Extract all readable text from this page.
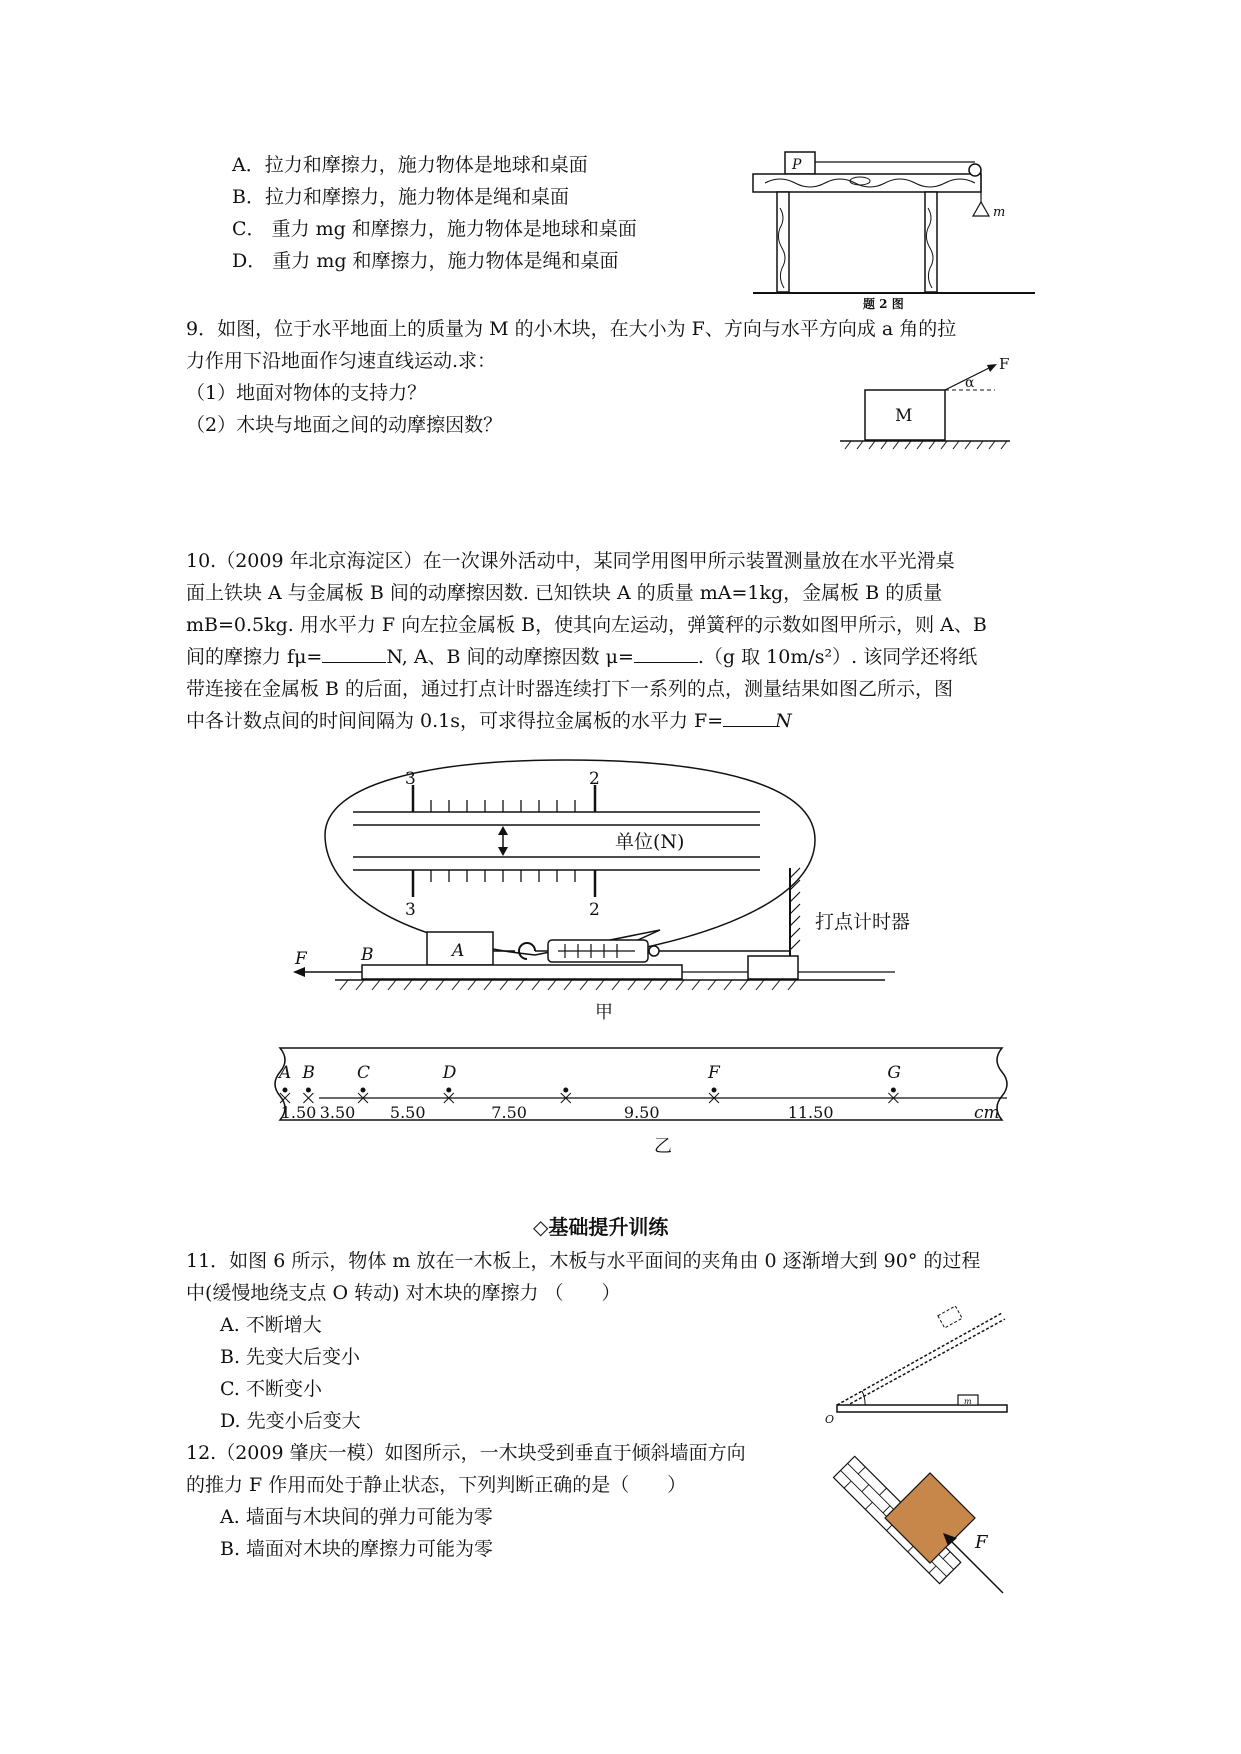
A．拉力和摩擦力，施力物体是地球和桌面
B．拉力和摩擦力，施力物体是绳和桌面
C． 重力 mg 和摩擦力，施力物体是地球和桌面
D． 重力 mg 和摩擦力，施力物体是绳和桌面
P
m
题 2 图
9．如图，位于水平地面上的质量为 M 的小木块，在大小为 F、方向与水平方向成 a 角的拉
力作用下沿地面作匀速直线运动.求：
（1）地面对物体的支持力？
（2）木块与地面之间的动摩擦因数？	M
F
α
10.（2009 年北京海淀区）在一次课外活动中，某同学用图甲所示装置测量放在水平光滑桌
面上铁块 A 与金属板 B 间的动摩擦因数. 已知铁块 A 的质量 mA=1kg，金属板 B 的质量
mB=0.5kg. 用水平力 F 向左拉金属板 B，使其向左运动，弹簧秤的示数如图甲所示，则 A、B
间的摩擦力 fμ=	N, A、B 间的动摩擦因数 μ=	.（g 取 10m/s²）. 该同学还将纸
带连接在金属板 B 的后面，通过打点计时器连续打下一系列的点，测量结果如图乙所示，图
中各计数点间的时间间隔为 0.1s，可求得拉金属板的水平力 F=	N
3	2
3	2
单位(N)
打点计时器
A
B
F
甲
A B C	D	F	G
1.50 3.50 5.50	7.50	9.50	11.50	cm
乙
◇基础提升训练
11．如图 6 所示，物体 m 放在一木板上，木板与水平面间的夹角由 0 逐渐增大到 90° 的过程
中(缓慢地绕支点 O 转动) 对木块的摩擦力 （　　）
A. 不断增大
B. 先变大后变小
C. 不断变小
D. 先变小后变大
m
O
12.（2009 肇庆一模）如图所示，一木块受到垂直于倾斜墙面方向
的推力 F 作用而处于静止状态，下列判断正确的是（　　）
A. 墙面与木块间的弹力可能为零
B. 墙面对木块的摩擦力可能为零	F
